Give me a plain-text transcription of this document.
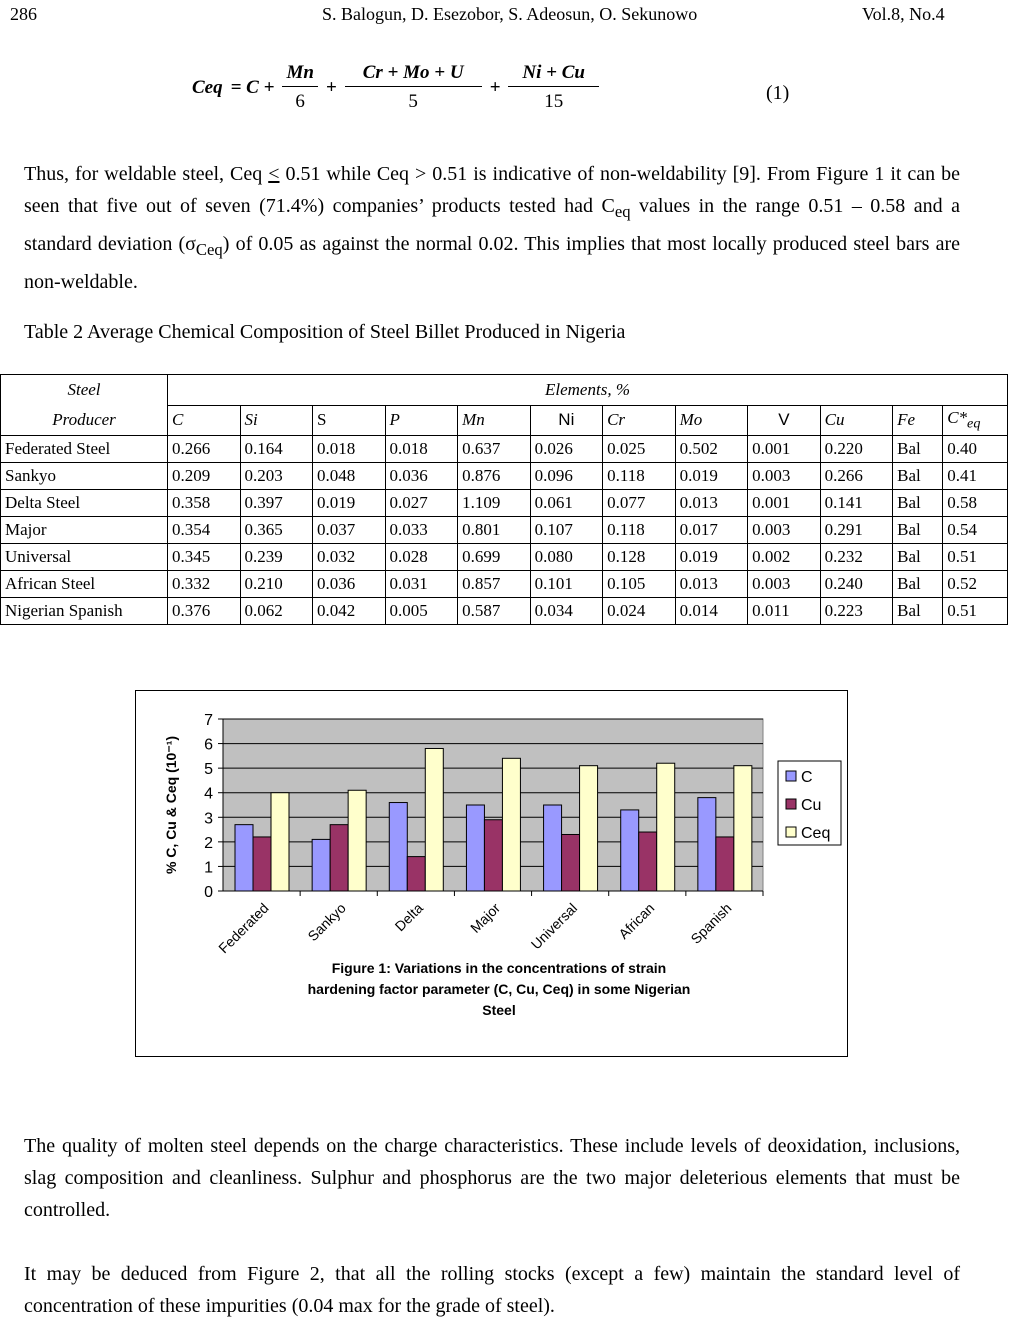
286	S. Balogun, D. Esezobor, S. Adeosun, O. Sekunowo	Vol.8, No.4
Ceq = $C + \frac{Mn}{6} + \frac{Cr + Mo + U}{5} + \frac{Ni + Cu}{15}$	(1)
Thus, for weldable steel, Ceq < 0.51 while Ceq > 0.51 is indicative of non-weldability [9]. From Figure 1 it can be seen that five out of seven (71.4%) companies’ products tested had $C_{eq}$ values in the range 0.51 – 0.58 and a standard deviation $(\sigma_{Ceq})$ of 0.05 as against the normal 0.02. This implies that most locally produced steel bars are non-weldable.
Table 2 Average Chemical Composition of Steel Billet Produced in Nigeria
Steel
Producer	Elements, %											
	C	Si	S	P	Mn	Ni	Cr	Mo	V	Cu	Fe	$C*_{eq}$
Federated Steel	0.266	0.164	0.018	0.018	0.637	0.026	0.025	0.502	0.001	0.220	Bal	0.40
Sankyo	0.209	0.203	0.048	0.036	0.876	0.096	0.118	0.019	0.003	0.266	Bal	0.41
Delta Steel	0.358	0.397	0.019	0.027	1.109	0.061	0.077	0.013	0.001	0.141	Bal	0.58
Major	0.354	0.365	0.037	0.033	0.801	0.107	0.118	0.017	0.003	0.291	Bal	0.54
Universal	0.345	0.239	0.032	0.028	0.699	0.080	0.128	0.019	0.002	0.232	Bal	0.51
African Steel	0.332	0.210	0.036	0.031	0.857	0.101	0.105	0.013	0.003	0.240	Bal	0.52
Nigerian Spanish	0.376	0.062	0.042	0.005	0.587	0.034	0.024	0.014	0.011	0.223	Bal	0.51
0
1
2
3
4
5
6
7
Federated Sankyo	Delta	Major Universal	African Spanish
% C, Cu & Ceq (10⁻¹)	C
Cu
Ceq
Figure 1: Variations in the concentrations of strain
hardening factor parameter (C, Cu, Ceq) in some Nigerian
Steel
The quality of molten steel depends on the charge characteristics. These include levels of deoxidation, inclusions, slag composition and cleanliness. Sulphur and phosphorus are the two major deleterious elements that must be controlled.
It may be deduced from Figure 2, that all the rolling stocks (except a few) maintain the standard level of concentration of these impurities (0.04 max for the grade of steel).
